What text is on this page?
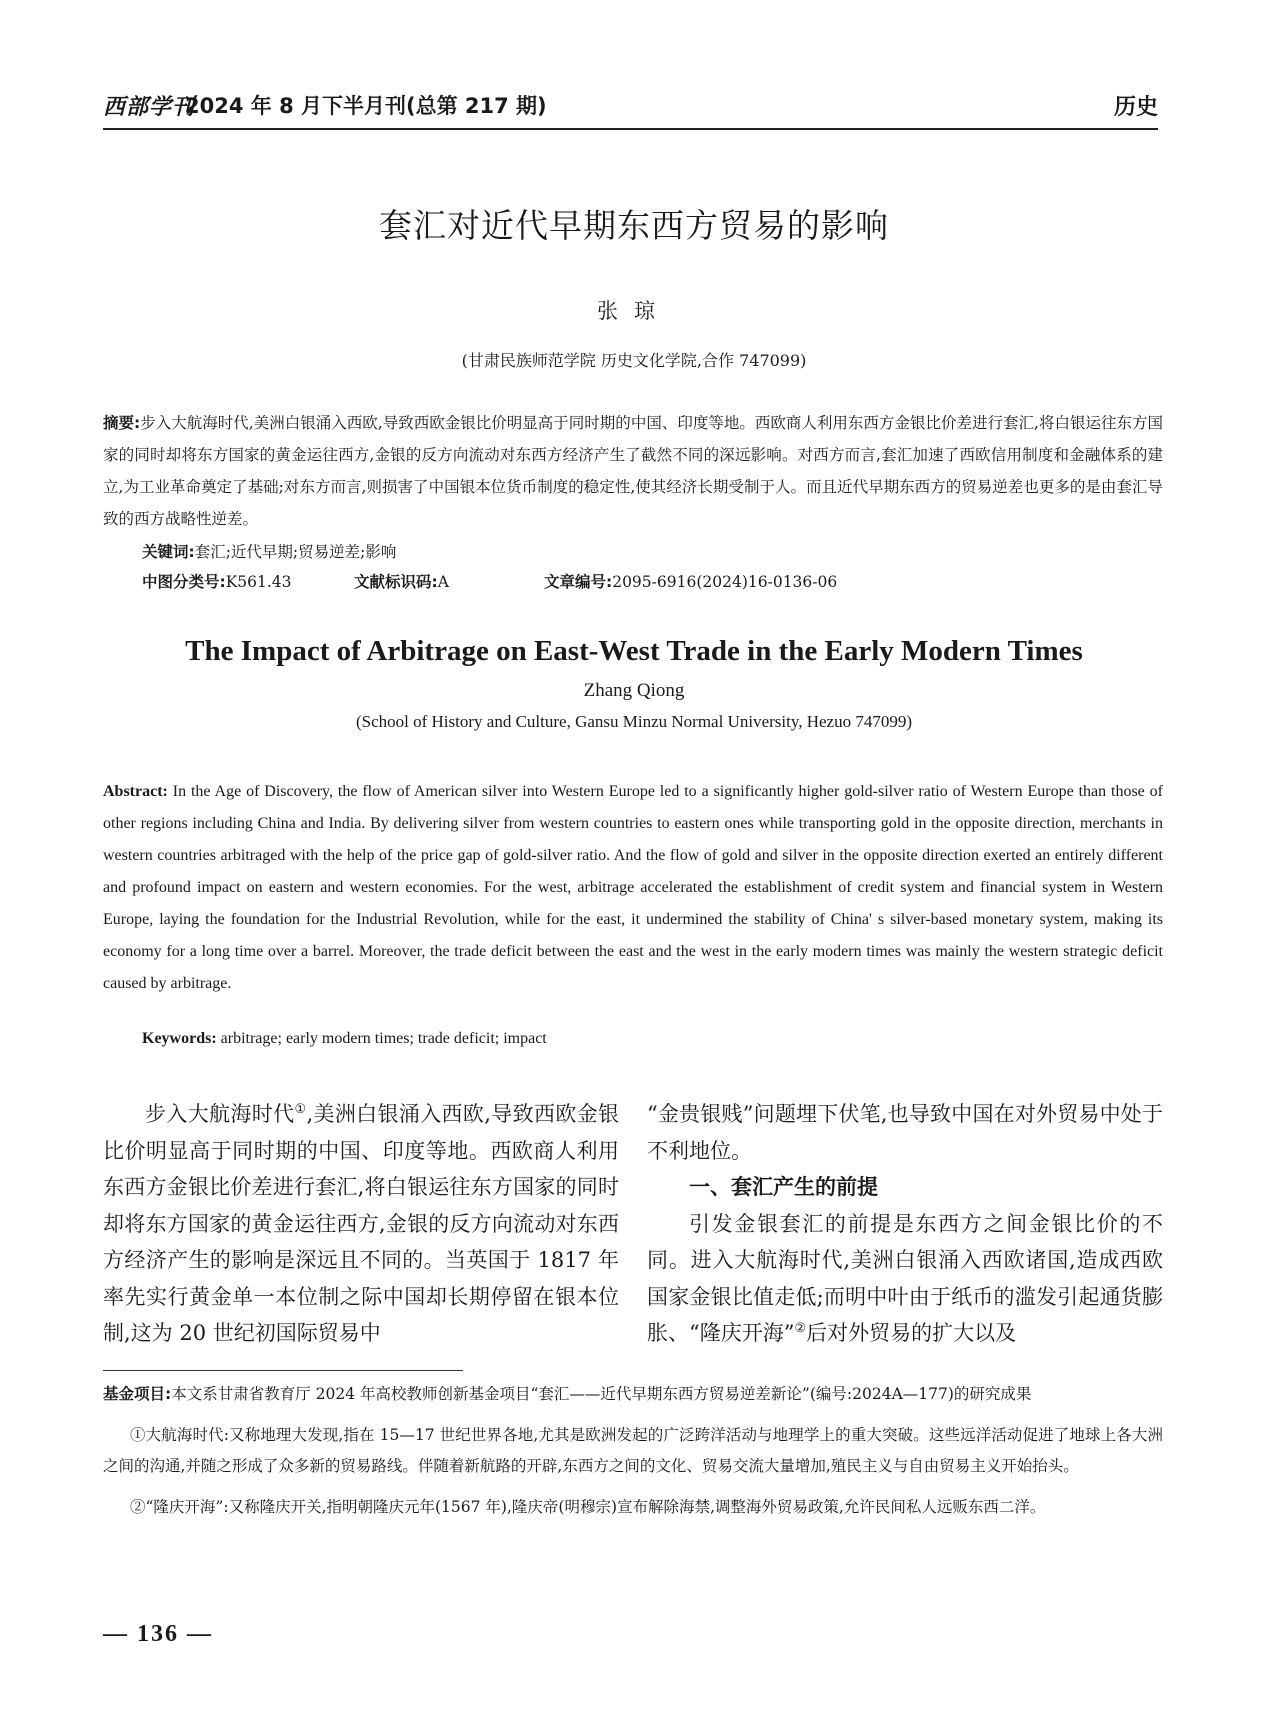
西部学刊
2024 年 8 月下半月刊(总第 217 期)	历史
套汇对近代早期东西方贸易的影响
张琼
(甘肃民族师范学院 历史文化学院,合作 747099)
摘要:步入大航海时代,美洲白银涌入西欧,导致西欧金银比价明显高于同时期的中国、印度等地。西欧商人利用东西方金银比价差进行套汇,将白银运往东方国家的同时却将东方国家的黄金运往西方,金银的反方向流动对东西方经济产生了截然不同的深远影响。对西方而言,套汇加速了西欧信用制度和金融体系的建立,为工业革命奠定了基础;对东方而言,则损害了中国银本位货币制度的稳定性,使其经济长期受制于人。而且近代早期东西方的贸易逆差也更多的是由套汇导致的西方战略性逆差。
关键词:套汇;近代早期;贸易逆差;影响
中图分类号:K561.43	文献标识码:A	文章编号:2095-6916(2024)16-0136-06
The Impact of Arbitrage on East-West Trade in the Early Modern Times
Zhang Qiong
(School of History and Culture, Gansu Minzu Normal University, Hezuo 747099)
Abstract: In the Age of Discovery, the flow of American silver into Western Europe led to a significantly higher gold-silver ratio of Western Europe than those of other regions including China and India. By delivering silver from western countries to eastern ones while transporting gold in the opposite direction, merchants in western countries arbitraged with the help of the price gap of gold-silver ratio. And the flow of gold and silver in the opposite direction exerted an entirely different and profound impact on eastern and western economies. For the west, arbitrage accelerated the establishment of credit system and financial system in Western Europe, laying the foundation for the Industrial Revolution, while for the east, it undermined the stability of China' s silver-based monetary system, making its economy for a long time over a barrel. Moreover, the trade deficit between the east and the west in the early modern times was mainly the western strategic deficit caused by arbitrage.
Keywords: arbitrage; early modern times; trade deficit; impact

步入大航海时代①,美洲白银涌入西欧,导致西欧金银比价明显高于同时期的中国、印度等地。西欧商人利用东西方金银比价差进行套汇,将白银运往东方国家的同时却将东方国家的黄金运往西方,金银的反方向流动对东西方经济产生的影响是深远且不同的。当英国于 1817 年率先实行黄金单一本位制之际中国却长期停留在银本位制,这为 20 世纪初国际贸易中

“金贵银贱”问题埋下伏笔,也导致中国在对外贸易中处于不利地位。

一、套汇产生的前提

引发金银套汇的前提是东西方之间金银比价的不同。进入大航海时代,美洲白银涌入西欧诸国,造成西欧国家金银比值走低;而明中叶由于纸币的滥发引起通货膨胀、“隆庆开海”②后对外贸易的扩大以及

基金项目:本文系甘肃省教育厅 2024 年高校教师创新基金项目“套汇——近代早期东西方贸易逆差新论”(编号:2024A—177)的研究成果

①大航海时代:又称地理大发现,指在 15—17 世纪世界各地,尤其是欧洲发起的广泛跨洋活动与地理学上的重大突破。这些远洋活动促进了地球上各大洲之间的沟通,并随之形成了众多新的贸易路线。伴随着新航路的开辟,东西方之间的文化、贸易交流大量增加,殖民主义与自由贸易主义开始抬头。

②“隆庆开海”:又称隆庆开关,指明朝隆庆元年(1567 年),隆庆帝(明穆宗)宣布解除海禁,调整海外贸易政策,允许民间私人远贩东西二洋。

— 136 —
